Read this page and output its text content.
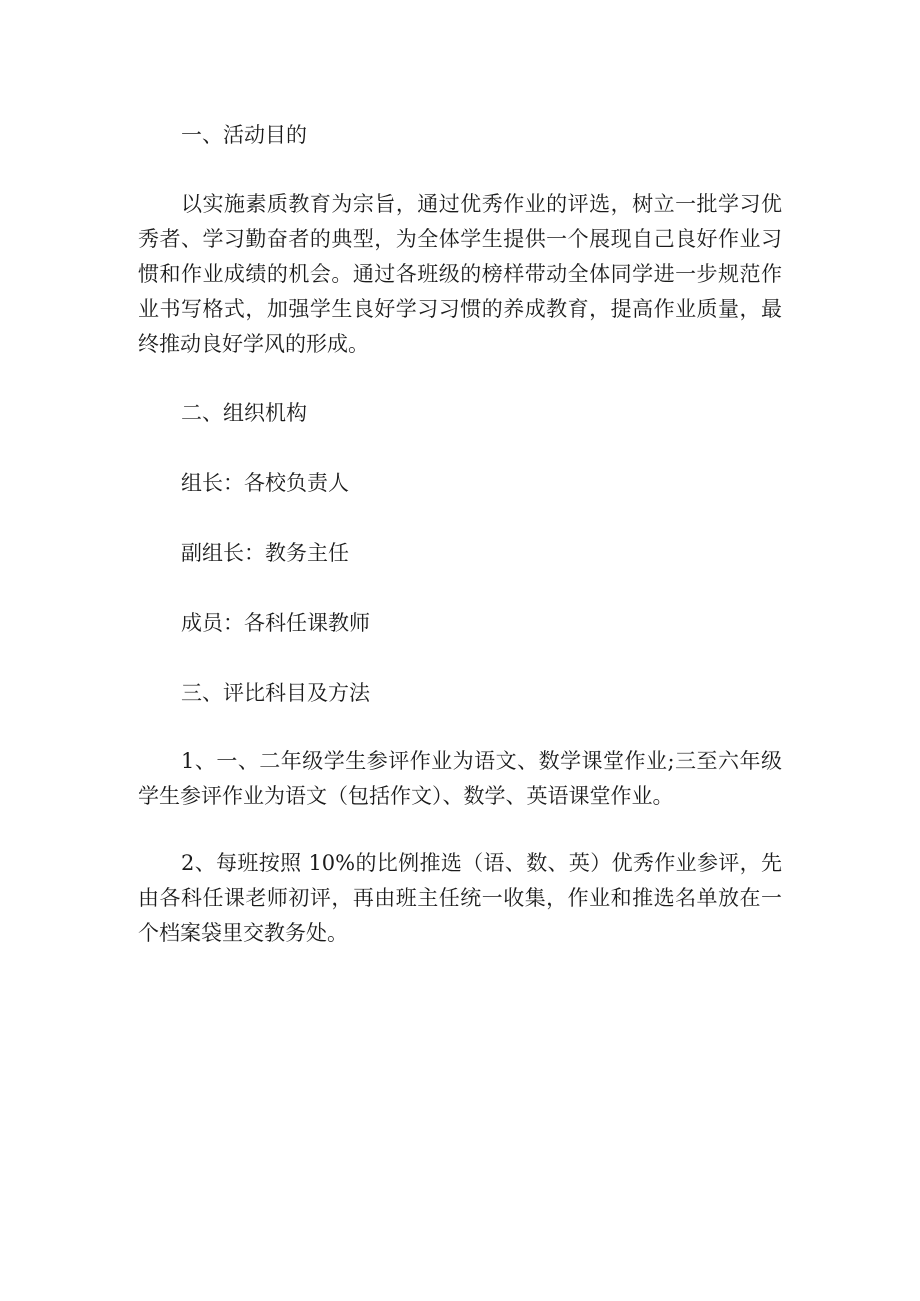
一、活动目的

以实施素质教育为宗旨，通过优秀作业的评选，树立一批学习优秀者、学习勤奋者的典型，为全体学生提供一个展现自己良好作业习惯和作业成绩的机会。通过各班级的榜样带动全体同学进一步规范作业书写格式，加强学生良好学习习惯的养成教育，提高作业质量，最终推动良好学风的形成。

二、组织机构

组长：各校负责人

副组长：教务主任

成员：各科任课教师

三、评比科目及方法

1、一、二年级学生参评作业为语文、数学课堂作业;三至六年级学生参评作业为语文（包括作文）、数学、英语课堂作业。

2、每班按照 10%的比例推选（语、数、英）优秀作业参评，先由各科任课老师初评，再由班主任统一收集，作业和推选名单放在一个档案袋里交教务处。
